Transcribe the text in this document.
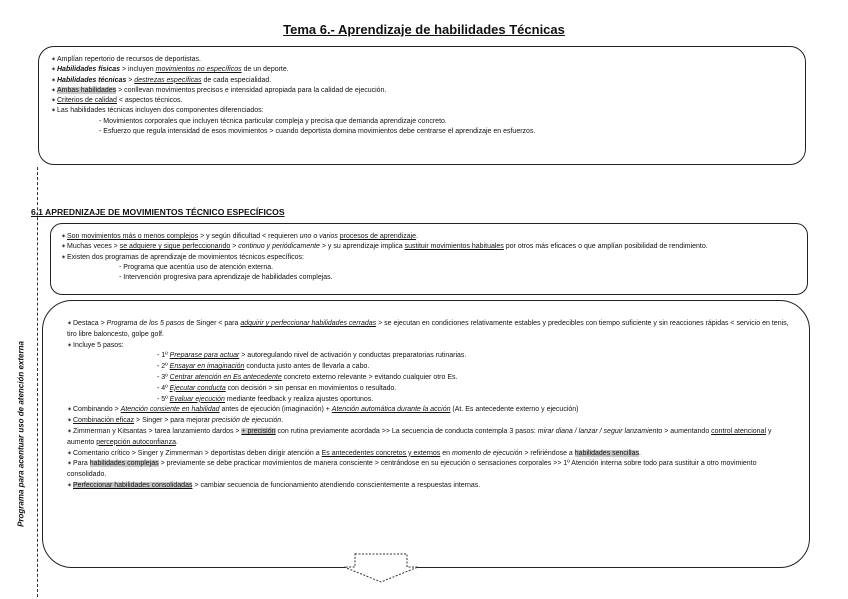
Tema 6.- Aprendizaje de habilidades Técnicas
✶Amplían repertorio de recursos de deportistas.
✶Habilidades físicas > incluyen movimientos no específicos de un deporte.
✶Habilidades técnicas > destrezas específicas de cada especialidad.
✶Ambas habilidades > conllevan movimientos precisos e intensidad apropiada para la calidad de ejecución.
✶Criterios de calidad < aspectos técnicos.
✶Las habilidades técnicas incluyen dos componentes diferenciados:
- Movimientos corporales que incluyen técnica particular compleja y precisa que demanda aprendizaje concreto.
- Esfuerzo que regula intensidad de esos movimientos > cuando deportista domina movimientos debe centrarse el aprendizaje en esfuerzos.
6.1 APREDNIZAJE DE MOVIMIENTOS TÉCNICO ESPECÍFICOS
✶Son movimientos más o menos complejos > y según dificultad < requieren uno o varios procesos de aprendizaje.
✶Muchas veces > se adquiere y sigue perfeccionando > continuo y periódicamente > y su aprendizaje implica sustituir movimientos habituales por otros más eficaces o que amplían posibilidad de rendimiento.
✶Existen dos programas de aprendizaje de movimientos técnicos específicos:
- Programa que acentúa uso de atención externa.
- Intervención progresiva para aprendizaje de habilidades complejas.
Programa para acentuar uso de atención externa
✶Destaca > Programa de los 5 pasos de Singer < para adquirir y perfeccionar habilidades cerradas > se ejecutan en condiciones relativamente estables y predecibles con tiempo suficiente y sin reacciones rápidas < servicio en tenis, tiro libre baloncesto, golpe golf.
✶Incluye 5 pasos:
- 1º Preparase para actuar > autoregulando nivel de activación y conductas preparatorias rutinarias.
- 2º Ensayar en imaginación conducta justo antes de llevarla a cabo.
- 3º Centrar atención en Es antecedente concreto externo relevante > evitando cualquier otro Es.
- 4º Ejecutar conducta con decisión > sin pensar en movimientos o resultado.
- 5º Evaluar ejecución mediante feedback y realiza ajustes oportunos.
✶Combinando > Atención consiente en habilidad antes de ejecución (imaginación) + Atención automática durante la acción (At. Es antecedente externo y ejecución)
✶Combinación eficaz > Singer > para mejorar precisión de ejecución.
✶Zimmerman y Kitsantas > tarea lanzamiento dardos > + precisión con rutina previamente acordada >> La secuencia de conducta contempla 3 pasos: mirar diana / lanzar / seguir lanzamiento > aumentando control atencional y aumento percepción autoconfianza.
✶Comentario crítico > Singer y Zimmerman > deportistas deben dirigir atención a Es antecedentes concretos y externos en momento de ejecución > refiriéndose a habilidades sencillas.
✶Para habilidades complejas > previamente se debe practicar movimientos de manera consciente > centrándose en su ejecución o sensaciones corporales >> 1º Atención interna sobre todo para sustituir a otro movimiento consolidado.
✶Perfeccionar habilidades consolidadas > cambiar secuencia de funcionamiento atendiendo conscientemente a respuestas internas.
